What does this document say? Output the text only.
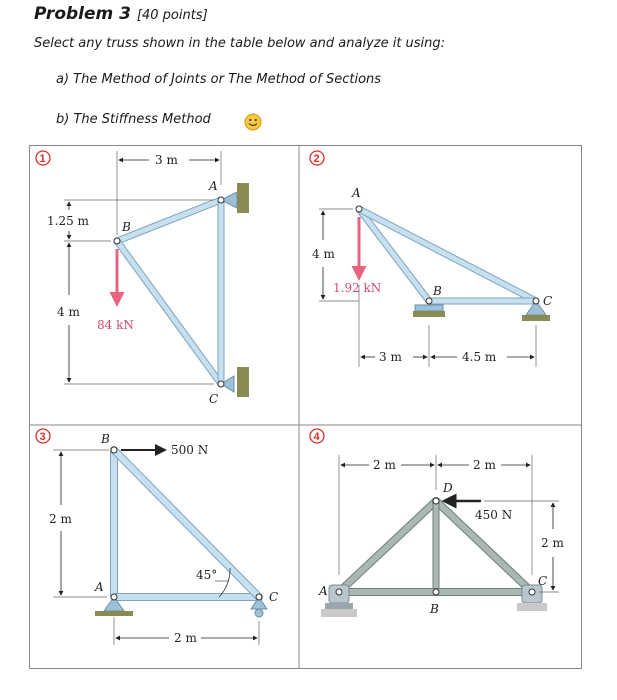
Problem 3 [40 points]
Select any truss shown in the table below and analyze it using:
a) The Method of Joints or The Method of Sections
b) The Stiffness Method
1
A
B
C
84 kN
3 m
1.25 m
4 m
2
A
B
C
1.92 kN
4 m
3 m	4.5 m
3
A
B
C
500 N
45°
2 m
2 m
4
A
B
C
D
450 N
2 m	2 m
2 m
